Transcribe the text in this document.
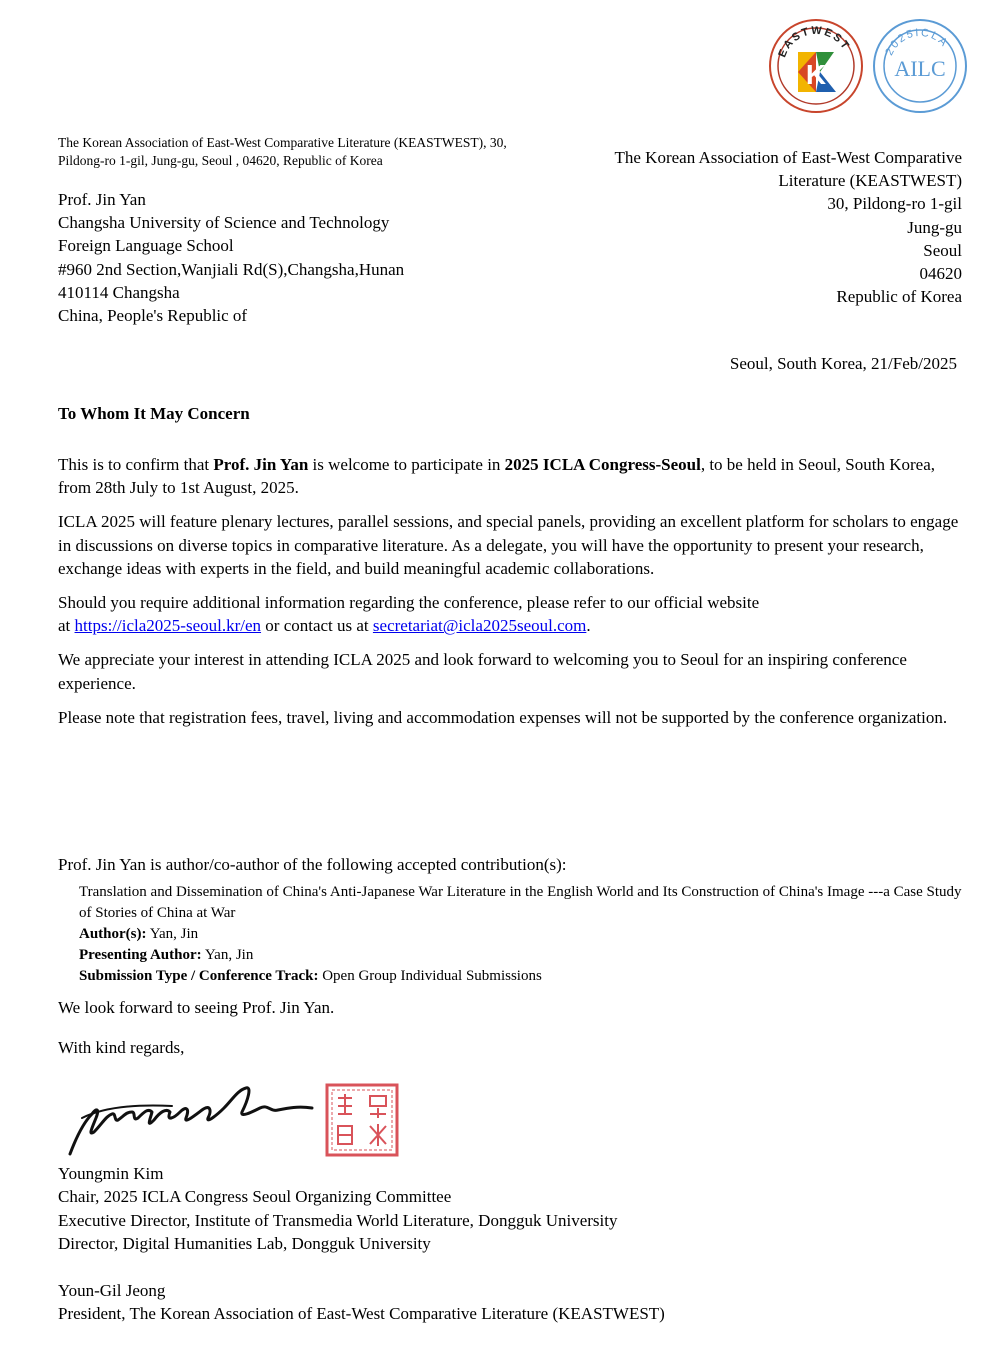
EASTWEST
K
2025ICLA
AILC
The Korean Association of East-West Comparative Literature (KEASTWEST), 30,
Pildong-ro 1-gil, Jung-gu, Seoul , 04620, Republic of Korea
Prof. Jin Yan
Changsha University of Science and Technology
Foreign Language School
#960 2nd Section,Wanjiali Rd(S),Changsha,Hunan
410114 Changsha
China, People's Republic of
The Korean Association of East-West Comparative
Literature (KEASTWEST)
30, Pildong-ro 1-gil
Jung-gu
Seoul
04620
Republic of Korea
Seoul, South Korea, 21/Feb/2025
To Whom It May Concern

This is to confirm that Prof. Jin Yan is welcome to participate in 2025 ICLA Congress-Seoul, to be held in Seoul, South Korea, from 28th July to 1st August, 2025.

ICLA 2025 will feature plenary lectures, parallel sessions, and special panels, providing an excellent platform for scholars to engage in discussions on diverse topics in comparative literature. As a delegate, you will have the opportunity to present your research, exchange ideas with experts in the field, and build meaningful academic collaborations.

Should you require additional information regarding the conference, please refer to our official website
at https://icla2025-seoul.kr/en or contact us at secretariat@icla2025seoul.com.

We appreciate your interest in attending ICLA 2025 and look forward to welcoming you to Seoul for an inspiring conference experience.

Please note that registration fees, travel, living and accommodation expenses will not be supported by the conference organization.

Prof. Jin Yan is author/co-author of the following accepted contribution(s):
Translation and Dissemination of China's Anti-Japanese War Literature in the English World and Its Construction of China's Image ---a Case Study of Stories of China at War
Author(s): Yan, Jin
Presenting Author: Yan, Jin
Submission Type / Conference Track: Open Group Individual Submissions
We look forward to seeing Prof. Jin Yan.
With kind regards,
Youngmin Kim
Chair, 2025 ICLA Congress Seoul Organizing Committee
Executive Director, Institute of Transmedia World Literature, Dongguk University
Director, Digital Humanities Lab, Dongguk University
Youn-Gil Jeong
President, The Korean Association of East-West Comparative Literature (KEASTWEST)
